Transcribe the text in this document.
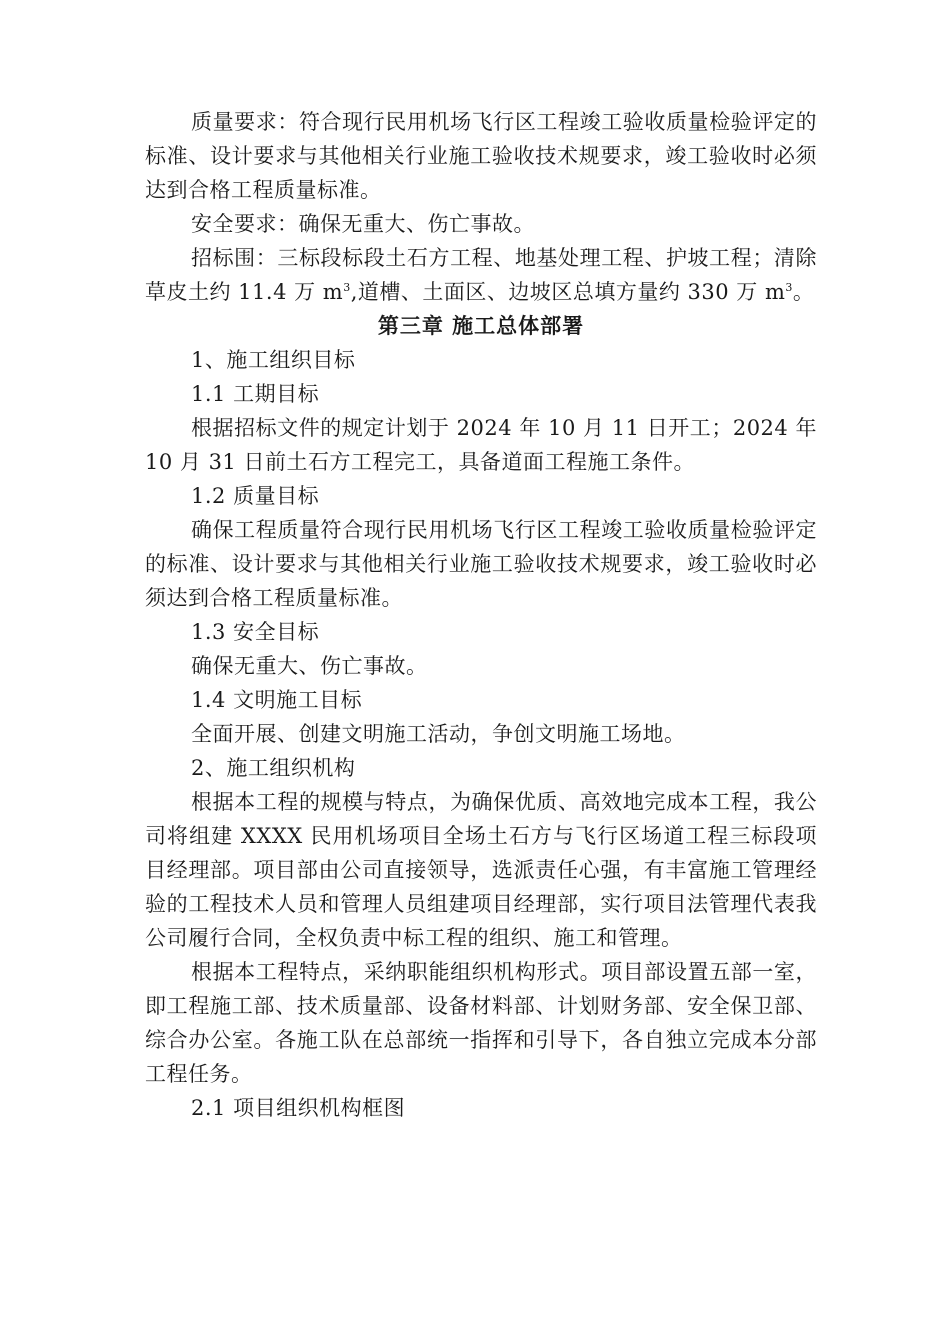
质量要求：符合现行民用机场飞行区工程竣工验收质量检验评定的标准、设计要求与其他相关行业施工验收技术规要求，竣工验收时必须达到合格工程质量标准。

安全要求：确保无重大、伤亡事故。

招标围：三标段标段土石方工程、地基处理工程、护坡工程；清除草皮土约 11.4 万 $m^3$,道槽、土面区、边坡区总填方量约 330 万 $m^3$。

第三章 施工总体部署

1、施工组织目标

1.1 工期目标

根据招标文件的规定计划于 2024 年 10 月 11 日开工；2024 年 10 月 31 日前土石方工程完工，具备道面工程施工条件。

1.2 质量目标

确保工程质量符合现行民用机场飞行区工程竣工验收质量检验评定的标准、设计要求与其他相关行业施工验收技术规要求，竣工验收时必须达到合格工程质量标准。

1.3 安全目标

确保无重大、伤亡事故。

1.4 文明施工目标

全面开展、创建文明施工活动，争创文明施工场地。

2、施工组织机构

根据本工程的规模与特点，为确保优质、高效地完成本工程，我公司将组建 XXXX 民用机场项目全场土石方与飞行区场道工程三标段项目经理部。项目部由公司直接领导，选派责任心强，有丰富施工管理经验的工程技术人员和管理人员组建项目经理部，实行项目法管理代表我公司履行合同，全权负责中标工程的组织、施工和管理。

根据本工程特点，采纳职能组织机构形式。项目部设置五部一室，即工程施工部、技术质量部、设备材料部、计划财务部、安全保卫部、综合办公室。各施工队在总部统一指挥和引导下，各自独立完成本分部工程任务。

2.1 项目组织机构框图
